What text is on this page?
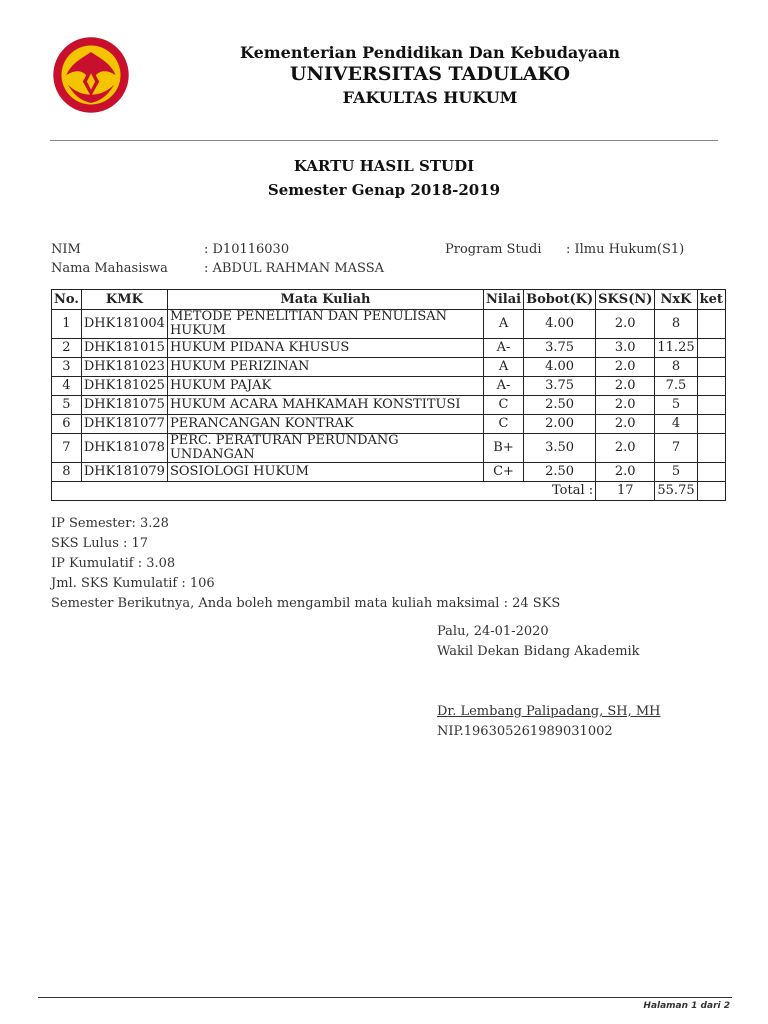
Kementerian Pendidikan Dan Kebudayaan
UNIVERSITAS TADULAKO
FAKULTAS HUKUM
KARTU HASIL STUDI
Semester Genap 2018-2019
NIM	: D10116030
Nama Mahasiswa	: ABDUL RAHMAN MASSA
Program Studi : Ilmu Hukum(S1)
No.	KMK	Mata Kuliah	Nilai	Bobot(K)	SKS(N)	NxK	ket
1	DHK181004	METODE PENELITIAN DAN PENULISAN HUKUM	A	4.00	2.0	8	
2	DHK181015	HUKUM PIDANA KHUSUS	A-	3.75	3.0	11.25	
3	DHK181023	HUKUM PERIZINAN	A	4.00	2.0	8	
4	DHK181025	HUKUM PAJAK	A-	3.75	2.0	7.5	
5	DHK181075	HUKUM ACARA MAHKAMAH KONSTITUSI	C	2.50	2.0	5	
6	DHK181077	PERANCANGAN KONTRAK	C	2.00	2.0	4	
7	DHK181078	PERC. PERATURAN PERUNDANG UNDANGAN	B+	3.50	2.0	7	
8	DHK181079	SOSIOLOGI HUKUM	C+	2.50	2.0	5	
Total :					17	55.75	
IP Semester: 3.28
SKS Lulus : 17
IP Kumulatif : 3.08
Jml. SKS Kumulatif : 106
Semester Berikutnya, Anda boleh mengambil mata kuliah maksimal : 24 SKS
Palu, 24-01-2020
Wakil Dekan Bidang Akademik
Dr. Lembang Palipadang, SH, MH
NIP.196305261989031002
Halaman 1 dari 2
